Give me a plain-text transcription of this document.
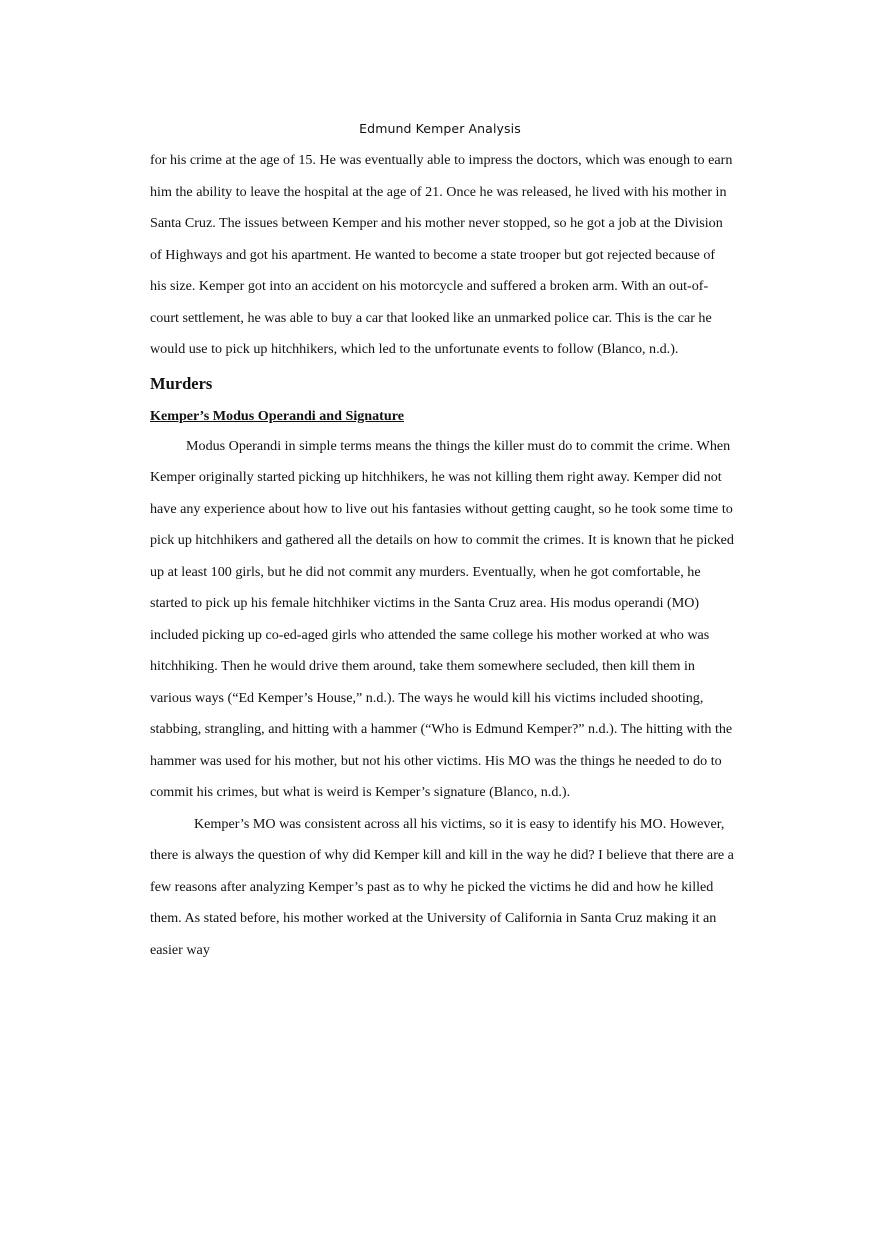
Edmund Kemper Analysis

for his crime at the age of 15. He was eventually able to impress the doctors, which was enough to earn him the ability to leave the hospital at the age of 21. Once he was released, he lived with his mother in Santa Cruz. The issues between Kemper and his mother never stopped, so he got a job at the Division of Highways and got his apartment. He wanted to become a state trooper but got rejected because of his size. Kemper got into an accident on his motorcycle and suffered a broken arm. With an out-of-court settlement, he was able to buy a car that looked like an unmarked police car. This is the car he would use to pick up hitchhikers, which led to the unfortunate events to follow (Blanco, n.d.).

Murders
Kemper’s Modus Operandi and Signature

Modus Operandi in simple terms means the things the killer must do to commit the crime. When Kemper originally started picking up hitchhikers, he was not killing them right away. Kemper did not have any experience about how to live out his fantasies without getting caught, so he took some time to pick up hitchhikers and gathered all the details on how to commit the crimes. It is known that he picked up at least 100 girls, but he did not commit any murders. Eventually, when he got comfortable, he started to pick up his female hitchhiker victims in the Santa Cruz area. His modus operandi (MO) included picking up co-ed-aged girls who attended the same college his mother worked at who was hitchhiking. Then he would drive them around, take them somewhere secluded, then kill them in various ways (“Ed Kemper’s House,” n.d.). The ways he would kill his victims included shooting, stabbing, strangling, and hitting with a hammer (“Who is Edmund Kemper?” n.d.). The hitting with the hammer was used for his mother, but not his other victims. His MO was the things he needed to do to commit his crimes, but what is weird is Kemper’s signature (Blanco, n.d.).

Kemper’s MO was consistent across all his victims, so it is easy to identify his MO. However, there is always the question of why did Kemper kill and kill in the way he did? I believe that there are a few reasons after analyzing Kemper’s past as to why he picked the victims he did and how he killed them. As stated before, his mother worked at the University of California in Santa Cruz making it an easier way
